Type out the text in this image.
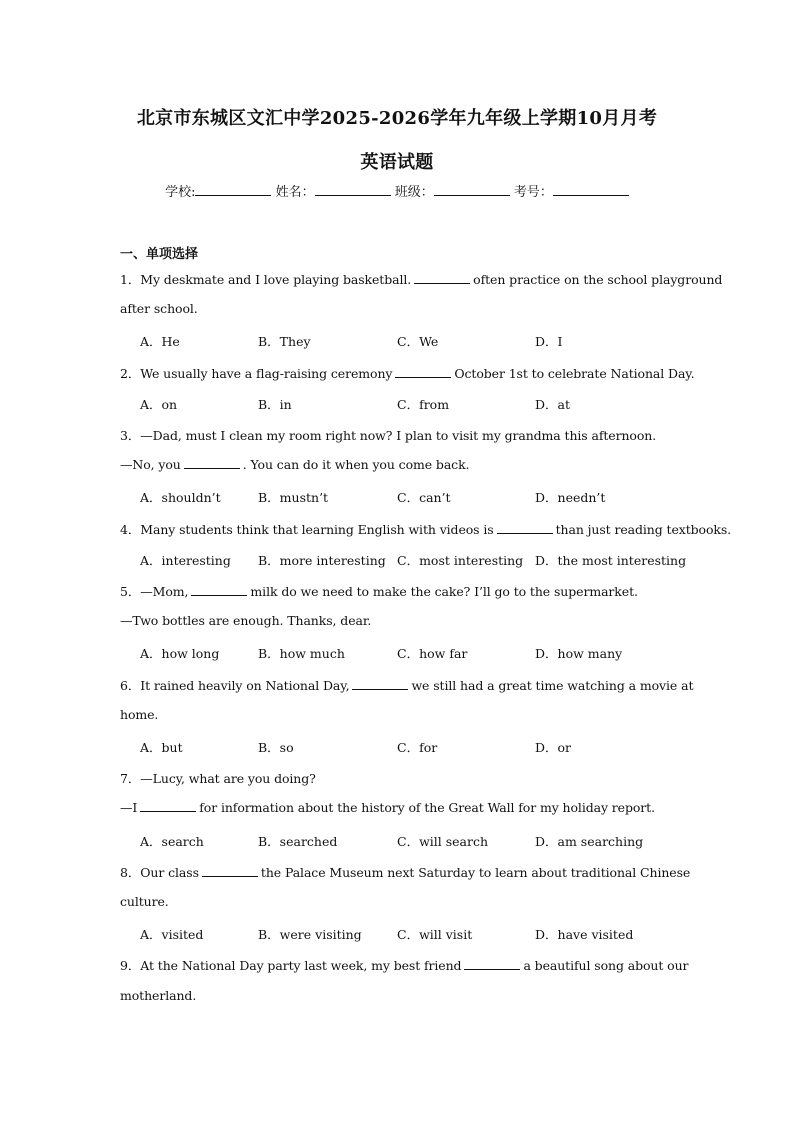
北京市东城区文汇中学2025-2026学年九年级上学期10月月考
英语试题
学校:	姓名：	班级：	考号：
一、单项选择
1．My deskmate and I love playing basketball.	often practice on the school playground
after school.
A．He	B．They	C．We	D．I
2．We usually have a flag-raising ceremony	October 1st to celebrate National Day.
A．on	B．in	C．from	D．at
3．—Dad, must I clean my room right now? I plan to visit my grandma this afternoon.
—No, you	. You can do it when you come back.
A．shouldn’t	B．mustn’t	C．can’t	D．needn’t
4．Many students think that learning English with videos is	than just reading textbooks.
A．interesting B．more interesting C．most interesting D．the most interesting
5．—Mom,	milk do we need to make the cake? I’ll go to the supermarket.
—Two bottles are enough. Thanks, dear.
A．how long	B．how much	C．how far	D．how many
6．It rained heavily on National Day,	we still had a great time watching a movie at
home.
A．but	B．so	C．for	D．or
7．—Lucy, what are you doing?
—I	for information about the history of the Great Wall for my holiday report.
A．search	B．searched	C．will search	D．am searching
8．Our class	the Palace Museum next Saturday to learn about traditional Chinese
culture.
A．visited	B．were visiting	C．will visit	D．have visited
9．At the National Day party last week, my best friend	a beautiful song about our
motherland.
